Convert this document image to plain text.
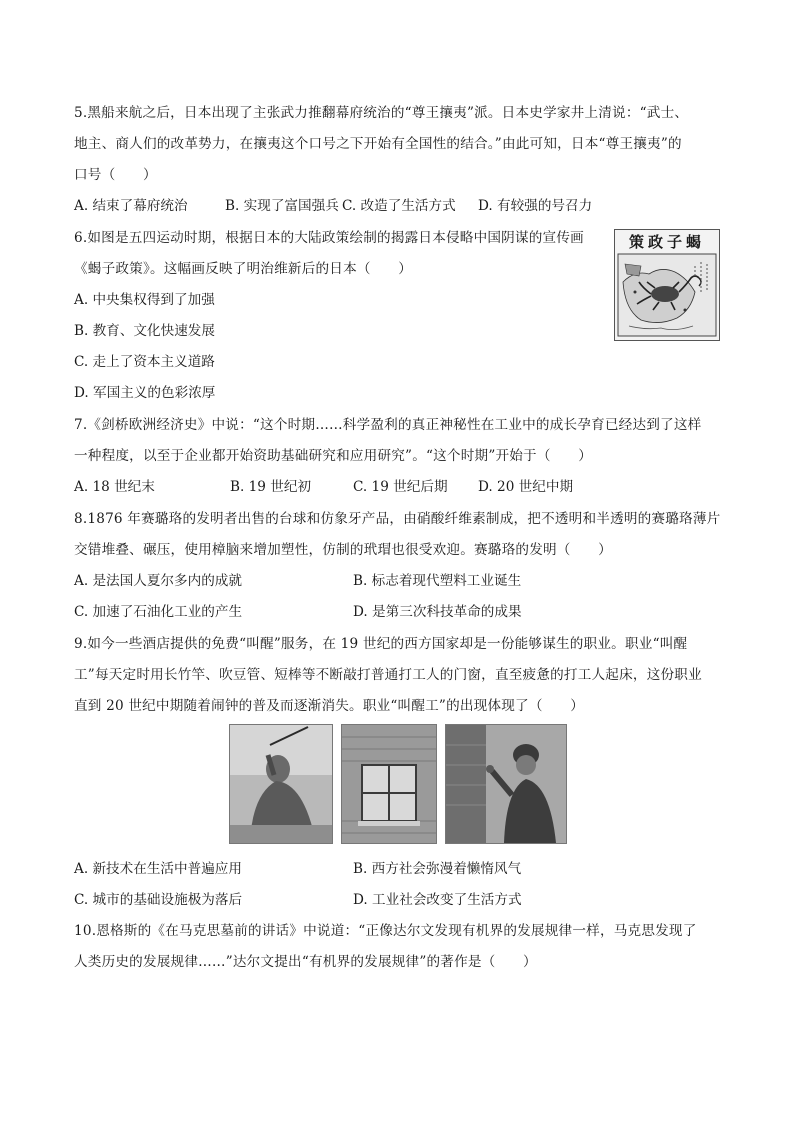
5.黑船来航之后，日本出现了主张武力推翻幕府统治的“尊王攘夷”派。日本史学家井上清说：“武士、
地主、商人们的改革势力，在攘夷这个口号之下开始有全国性的结合。”由此可知，日本“尊王攘夷”的
口号（　　）
A. 结束了幕府统治	B. 实现了富国强兵 C. 改造了生活方式 D. 有较强的号召力
6.如图是五四运动时期，根据日本的大陆政策绘制的揭露日本侵略中国阴谋的宣传画
《蝎子政策》。这幅画反映了明治维新后的日本（　　）
A. 中央集权得到了加强
B. 教育、文化快速发展
C. 走上了资本主义道路
D. 军国主义的色彩浓厚
策政子蝎
7.《剑桥欧洲经济史》中说：“这个时期……科学盈利的真正神秘性在工业中的成长孕育已经达到了这样
一种程度，以至于企业都开始资助基础研究和应用研究”。“这个时期”开始于（　　）
A. 18 世纪末	B. 19 世纪初	C. 19 世纪后期 D. 20 世纪中期
8.1876 年赛璐珞的发明者出售的台球和仿象牙产品，由硝酸纤维素制成，把不透明和半透明的赛璐珞薄片
交错堆叠、碾压，使用樟脑来增加塑性，仿制的玳瑁也很受欢迎。赛璐珞的发明（　　）
A. 是法国人夏尔多内的成就	B. 标志着现代塑料工业诞生
C. 加速了石油化工业的产生	D. 是第三次科技革命的成果
9.如今一些酒店提供的免费“叫醒”服务，在 19 世纪的西方国家却是一份能够谋生的职业。职业“叫醒
工”每天定时用长竹竿、吹豆管、短棒等不断敲打普通打工人的门窗，直至疲惫的打工人起床，这份职业
直到 20 世纪中期随着闹钟的普及而逐渐消失。职业“叫醒工”的出现体现了（　　）
A. 新技术在生活中普遍应用	B. 西方社会弥漫着懒惰风气
C. 城市的基础设施极为落后	D. 工业社会改变了生活方式
10.恩格斯的《在马克思墓前的讲话》中说道：“正像达尔文发现有机界的发展规律一样，马克思发现了
人类历史的发展规律……”达尔文提出“有机界的发展规律”的著作是（　　）
